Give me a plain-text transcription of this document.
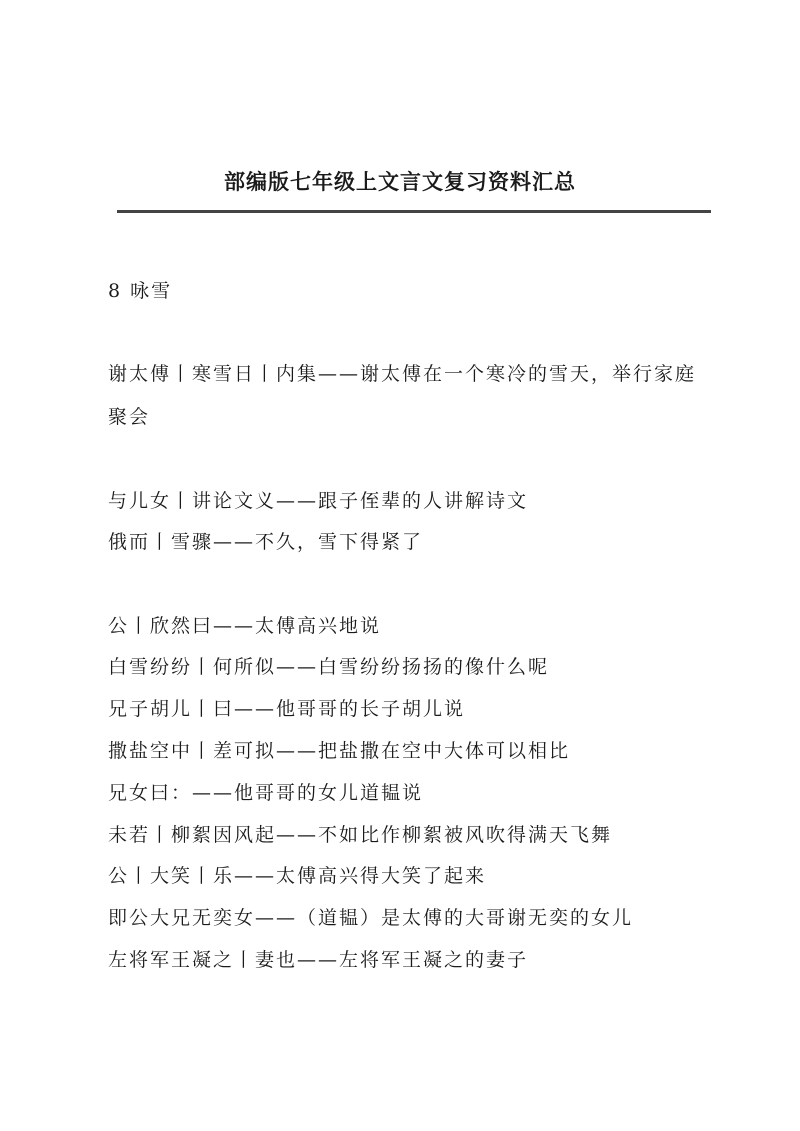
部编版七年级上文言文复习资料汇总
8 咏雪
谢太傅丨寒雪日丨内集——谢太傅在一个寒冷的雪天，举行家庭
聚会
与儿女丨讲论文义——跟子侄辈的人讲解诗文
俄而丨雪骤——不久，雪下得紧了
公丨欣然曰——太傅高兴地说
白雪纷纷丨何所似——白雪纷纷扬扬的像什么呢
兄子胡儿丨曰——他哥哥的长子胡儿说
撒盐空中丨差可拟——把盐撒在空中大体可以相比
兄女曰：——他哥哥的女儿道韫说
未若丨柳絮因风起——不如比作柳絮被风吹得满天飞舞
公丨大笑丨乐——太傅高兴得大笑了起来
即公大兄无奕女——（道韫）是太傅的大哥谢无奕的女儿
左将军王凝之丨妻也——左将军王凝之的妻子
